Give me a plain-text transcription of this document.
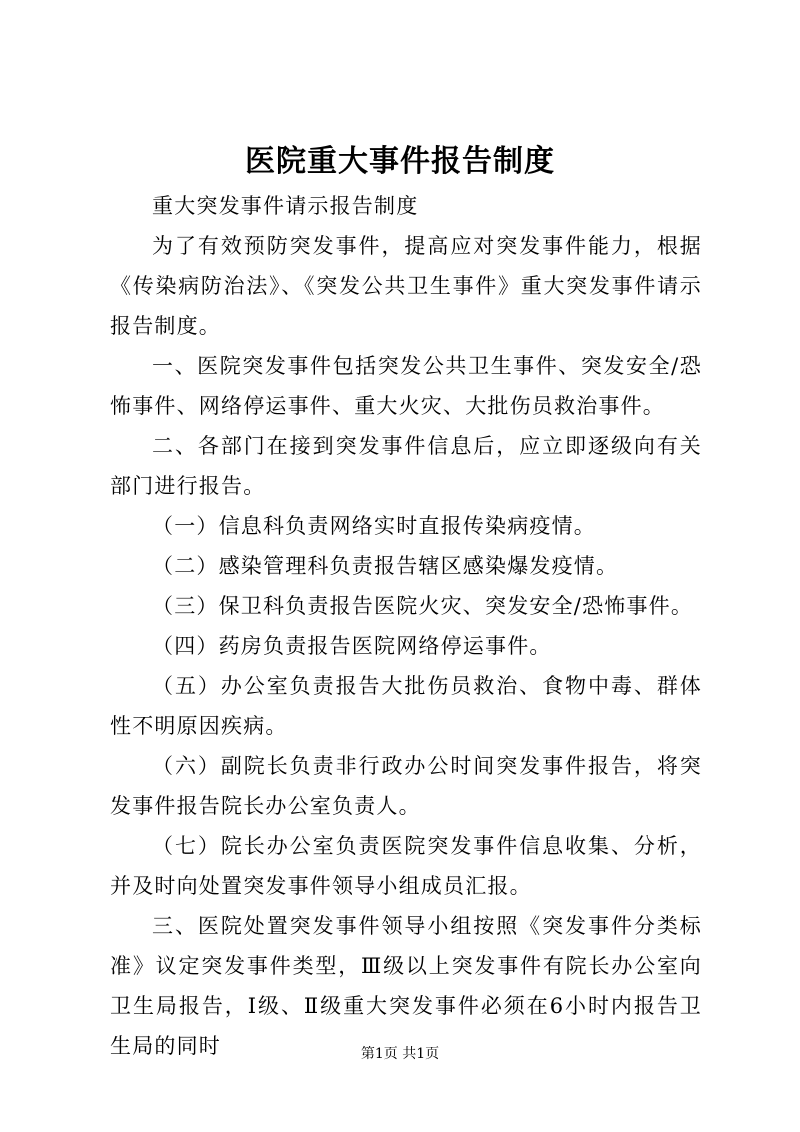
医院重大事件报告制度

重大突发事件请示报告制度

为了有效预防突发事件，提高应对突发事件能力，根据《传染病防治法》、《突发公共卫生事件》重大突发事件请示报告制度。

一、医院突发事件包括突发公共卫生事件、突发安全/恐怖事件、网络停运事件、重大火灾、大批伤员救治事件。

二、各部门在接到突发事件信息后，应立即逐级向有关部门进行报告。

（一）信息科负责网络实时直报传染病疫情。

（二）感染管理科负责报告辖区感染爆发疫情。

（三）保卫科负责报告医院火灾、突发安全/恐怖事件。

（四）药房负责报告医院网络停运事件。

（五）办公室负责报告大批伤员救治、食物中毒、群体性不明原因疾病。

（六）副院长负责非行政办公时间突发事件报告，将突发事件报告院长办公室负责人。

（七）院长办公室负责医院突发事件信息收集、分析，并及时向处置突发事件领导小组成员汇报。

三、医院处置突发事件领导小组按照《突发事件分类标准》议定突发事件类型，Ⅲ级以上突发事件有院长办公室向卫生局报告，Ⅰ级、Ⅱ级重大突发事件必须在6小时内报告卫生局的同时	第1页 共1页
